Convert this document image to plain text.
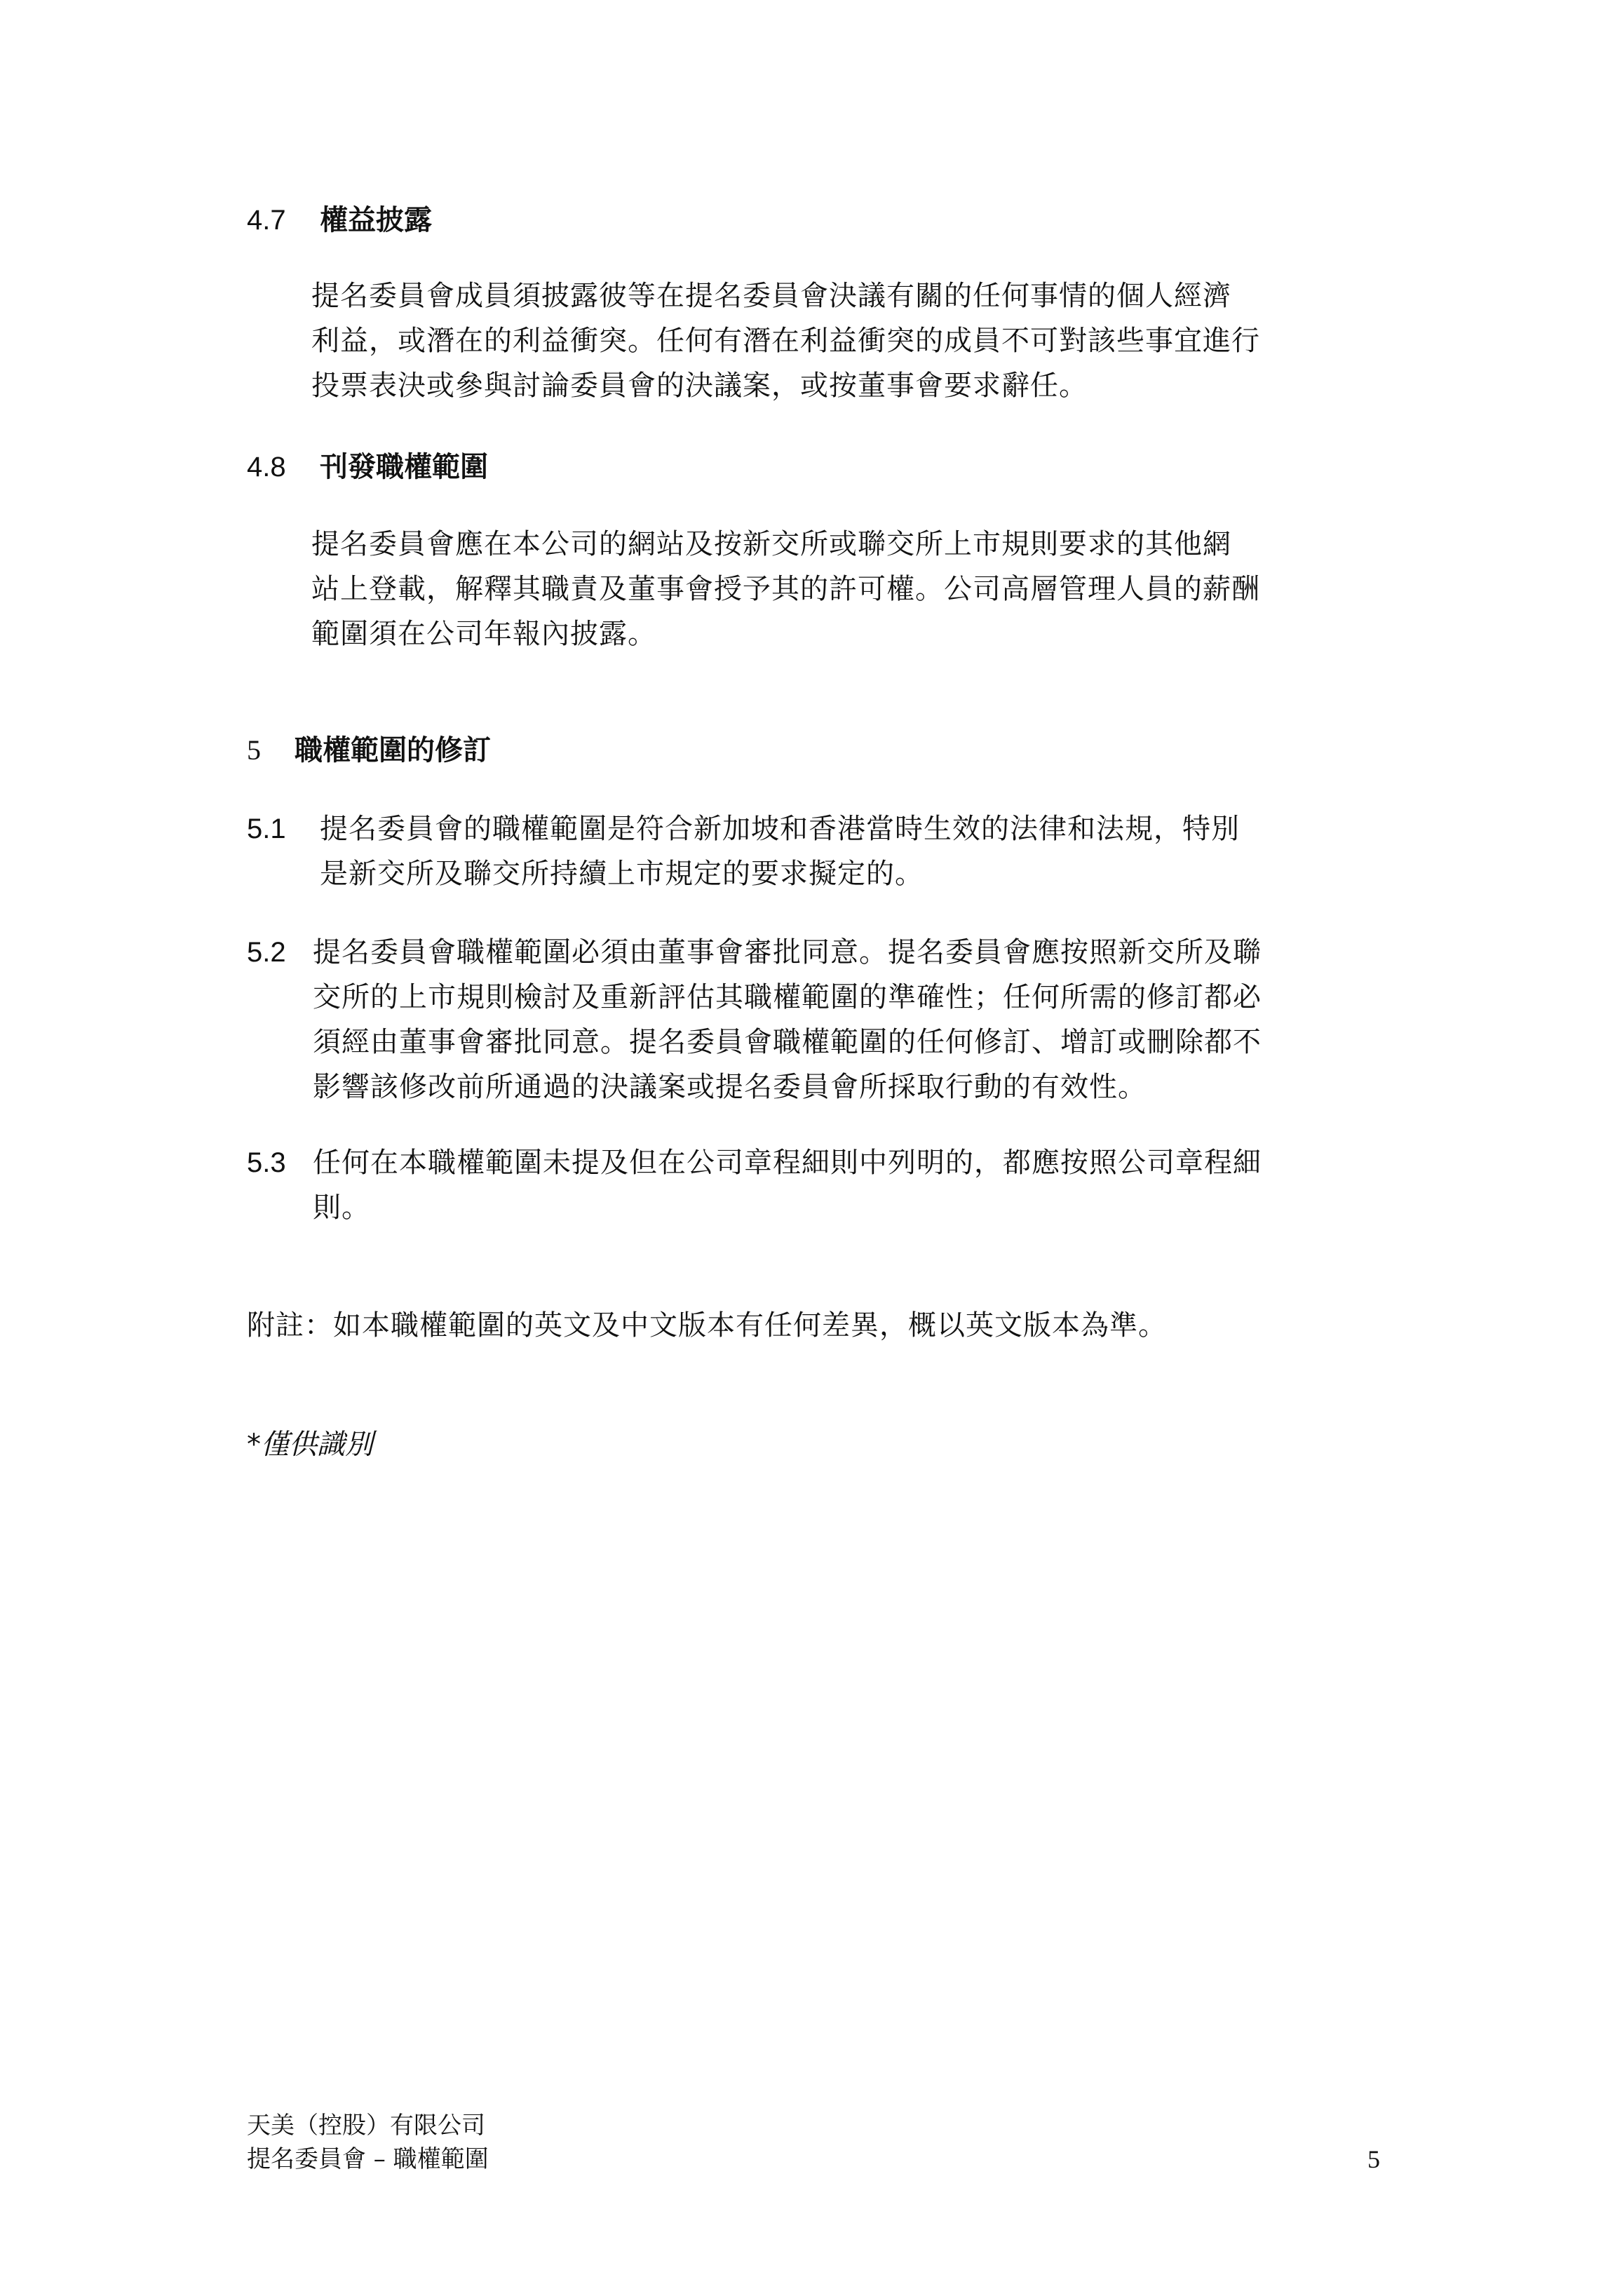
4.7 權益披露
提名委員會成員須披露彼等在提名委員會決議有關的任何事情的個人經濟
利益，或潛在的利益衝突。任何有潛在利益衝突的成員不可對該些事宜進行
投票表決或參與討論委員會的決議案，或按董事會要求辭任。
4.8 刊發職權範圍
提名委員會應在本公司的網站及按新交所或聯交所上市規則要求的其他網
站上登載，解釋其職責及董事會授予其的許可權。公司高層管理人員的薪酬
範圍須在公司年報內披露。
5 職權範圍的修訂
5.1 提名委員會的職權範圍是符合新加坡和香港當時生效的法律和法規，特別
是新交所及聯交所持續上市規定的要求擬定的。
5.2 提名委員會職權範圍必須由董事會審批同意。提名委員會應按照新交所及聯
交所的上市規則檢討及重新評估其職權範圍的準確性；任何所需的修訂都必
須經由董事會審批同意。提名委員會職權範圍的任何修訂、增訂或刪除都不
影響該修改前所通過的決議案或提名委員會所採取行動的有效性。
5.3 任何在本職權範圍未提及但在公司章程細則中列明的，都應按照公司章程細
則。
附註：如本職權範圍的英文及中文版本有任何差異，概以英文版本為準。
*僅供識別
天美（控股）有限公司
提名委員會 – 職權範圍	5
